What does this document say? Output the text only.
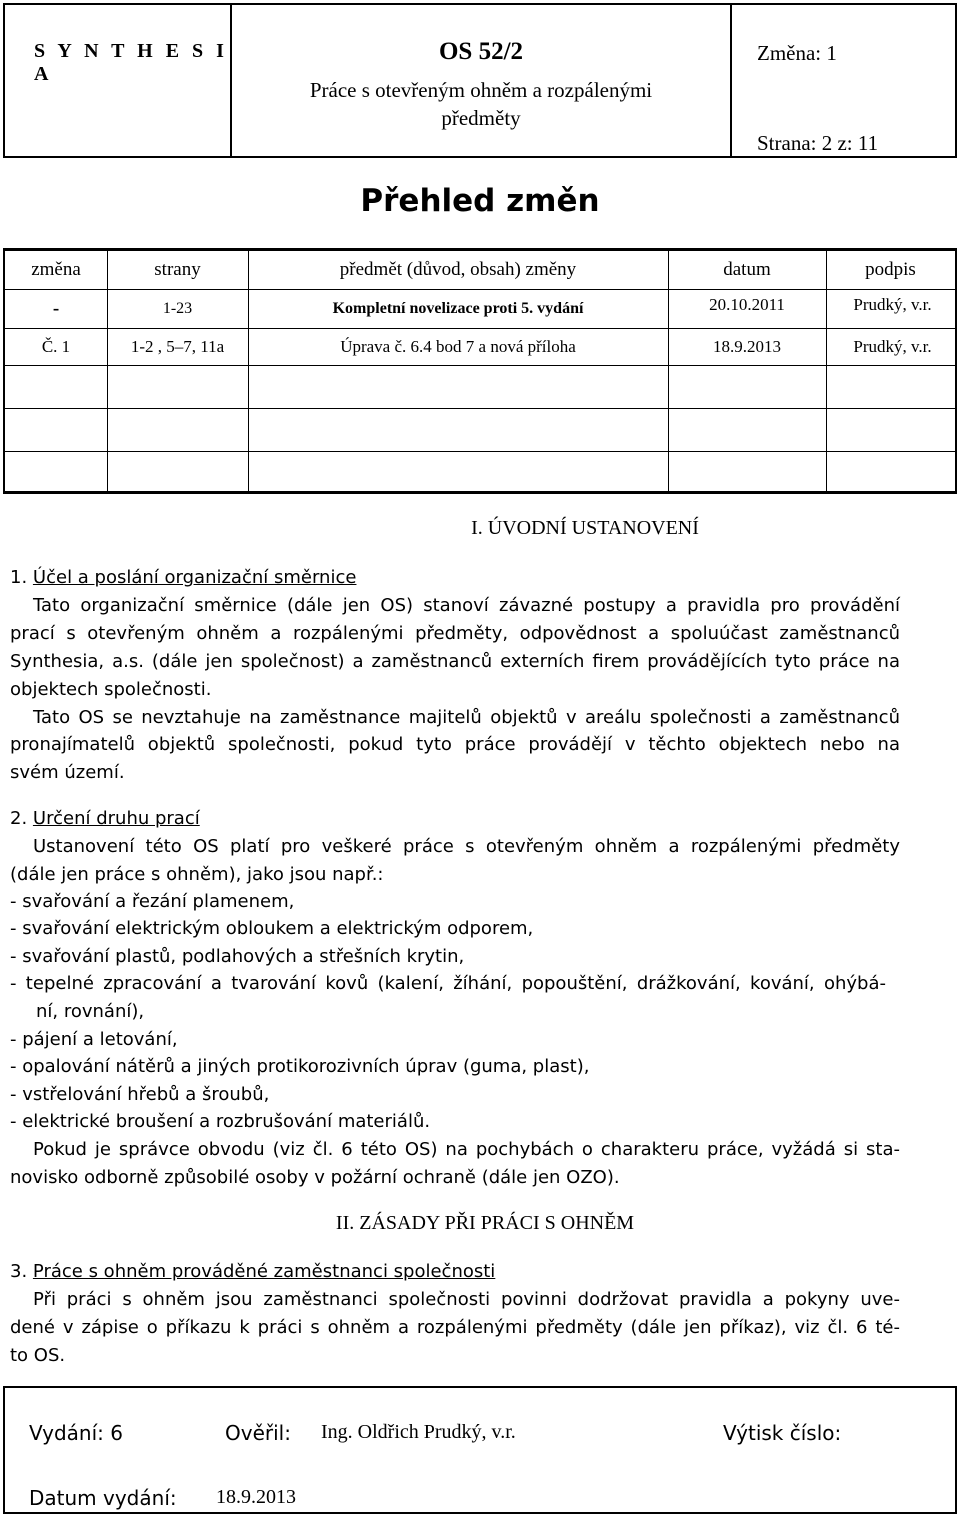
S Y N T H E S I A
OS 52/2
Práce s otevřeným ohněm a rozpálenými
předměty
Změna: 1
Strana: 2 z: 11
Přehled změn
změna	strany	předmět (důvod, obsah) změny	datum	podpis
-	1-23	Kompletní novelizace proti 5. vydání	20.10.2011	Prudký, v.r.
Č. 1	1-2 , 5–7, 11a	Úprava č. 6.4 bod 7 a nová příloha	18.9.2013	Prudký, v.r.
I. ÚVODNÍ USTANOVENÍ
1. Účel a poslání organizační směrnice
Tato organizační směrnice (dále jen OS) stanoví závazné postupy a pravidla pro provádění
prací s otevřeným ohněm a rozpálenými předměty, odpovědnost a spoluúčast zaměstnanců
Synthesia, a.s. (dále jen společnost) a zaměstnanců externích firem provádějících tyto práce na
objektech společnosti.
Tato OS se nevztahuje na zaměstnance majitelů objektů v areálu společnosti a zaměstnanců
pronajímatelů objektů společnosti, pokud tyto práce provádějí v těchto objektech nebo na
svém území.
2. Určení druhu prací
Ustanovení této OS platí pro veškeré práce s otevřeným ohněm a rozpálenými předměty
(dále jen práce s ohněm), jako jsou např.:
- svařování a řezání plamenem,
- svařování elektrickým obloukem a elektrickým odporem,
- svařování plastů, podlahových a střešních krytin,
- tepelné zpracování a tvarování kovů (kalení, žíhání, popouštění, drážkování, kování, ohýbá-
ní, rovnání),
- pájení a letování,
- opalování nátěrů a jiných protikorozivních úprav (guma, plast),
- vstřelování hřebů a šroubů,
- elektrické broušení a rozbrušování materiálů.
Pokud je správce obvodu (viz čl. 6 této OS) na pochybách o charakteru práce, vyžádá si sta-
novisko odborně způsobilé osoby v požární ochraně (dále jen OZO).
II. ZÁSADY PŘI PRÁCI S OHNĚM
3. Práce s ohněm prováděné zaměstnanci společnosti
Při práci s ohněm jsou zaměstnanci společnosti povinni dodržovat pravidla a pokyny uve-
dené v zápise o příkazu k práci s ohněm a rozpálenými předměty (dále jen příkaz), viz čl. 6 té-
to OS.
Vydání: 6	Ověřil: Ing. Oldřich Prudký, v.r.	Výtisk číslo:
Datum vydání: 18.9.2013
